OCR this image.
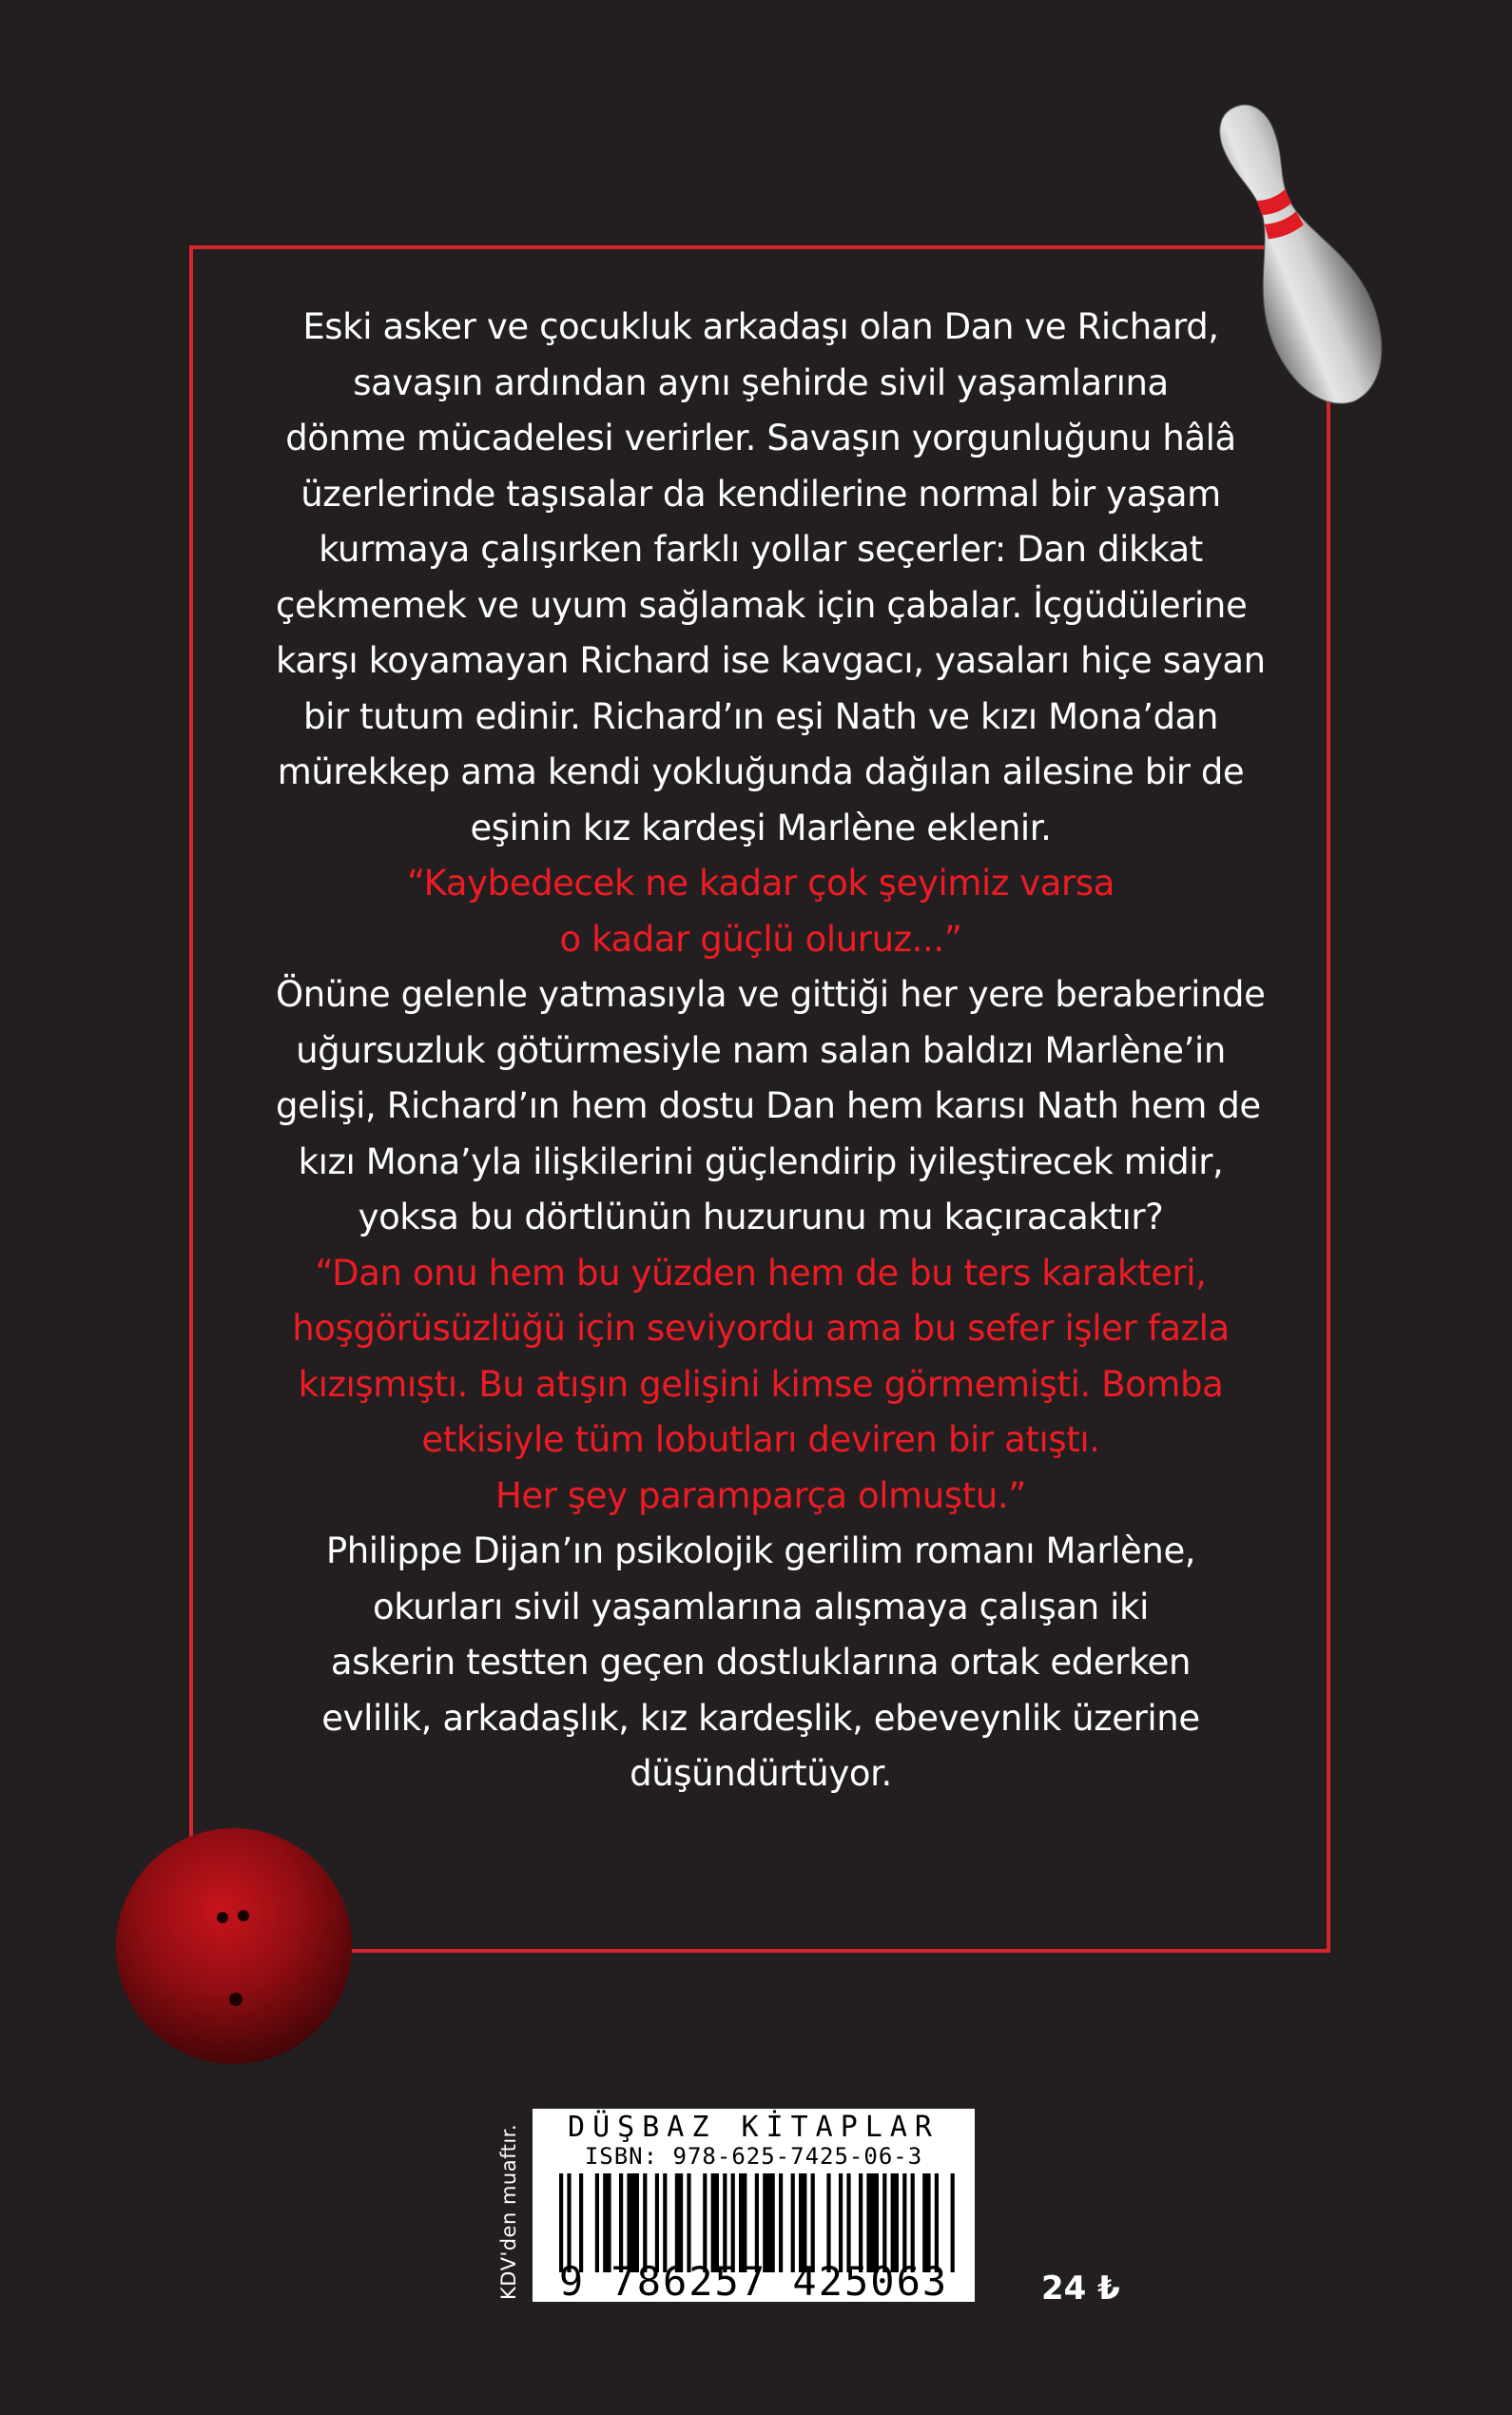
Eski asker ve çocukluk arkadaşı olan Dan ve Richard,
savaşın ardından aynı şehirde sivil yaşamlarına
dönme mücadelesi verirler. Savaşın yorgunluğunu hâlâ
üzerlerinde taşısalar da kendilerine normal bir yaşam
kurmaya çalışırken farklı yollar seçerler: Dan dikkat
çekmemek ve uyum sağlamak için çabalar. İçgüdülerine
karşı koyamayan Richard ise kavgacı, yasaları hiçe sayan
bir tutum edinir. Richard’ın eşi Nath ve kızı Mona’dan
mürekkep ama kendi yokluğunda dağılan ailesine bir de
eşinin kız kardeşi Marlène eklenir.

“Kaybedecek ne kadar çok şeyimiz varsa
o kadar güçlü oluruz...”

Önüne gelenle yatmasıyla ve gittiği her yere beraberinde
uğursuzluk götürmesiyle nam salan baldızı Marlène’in
gelişi, Richard’ın hem dostu Dan hem karısı Nath hem de
kızı Mona’yla ilişkilerini güçlendirip iyileştirecek midir,
yoksa bu dörtlünün huzurunu mu kaçıracaktır?

“Dan onu hem bu yüzden hem de bu ters karakteri,
hoşgörüsüzlüğü için seviyordu ama bu sefer işler fazla
kızışmıştı. Bu atışın gelişini kimse görmemişti. Bomba
etkisiyle tüm lobutları deviren bir atıştı.
Her şey paramparça olmuştu.”

Philippe Dijan’ın psikolojik gerilim romanı Marlène,
okurları sivil yaşamlarına alışmaya çalışan iki
askerin testten geçen dostluklarına ortak ederken
evlilik, arkadaşlık, kız kardeşlik, ebeveynlik üzerine
düşündürtüyor.

KDV'den muaftır.	DÜŞBAZ KİTAPLAR
ISBN: 978-625-7425-06-3
9 786257 425063	24 ₺
